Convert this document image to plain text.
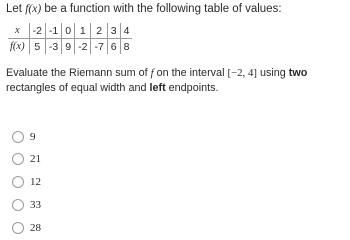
Let f(x) be a function with the following table of values:
x	-2	-1	0	1	2	3	4
f(x)	5	-3	9	-2	-7	6	8
Evaluate the Riemann sum of f on the interval [−2, 4] using two rectangles of equal width and left endpoints.
9
21
12
33
28
